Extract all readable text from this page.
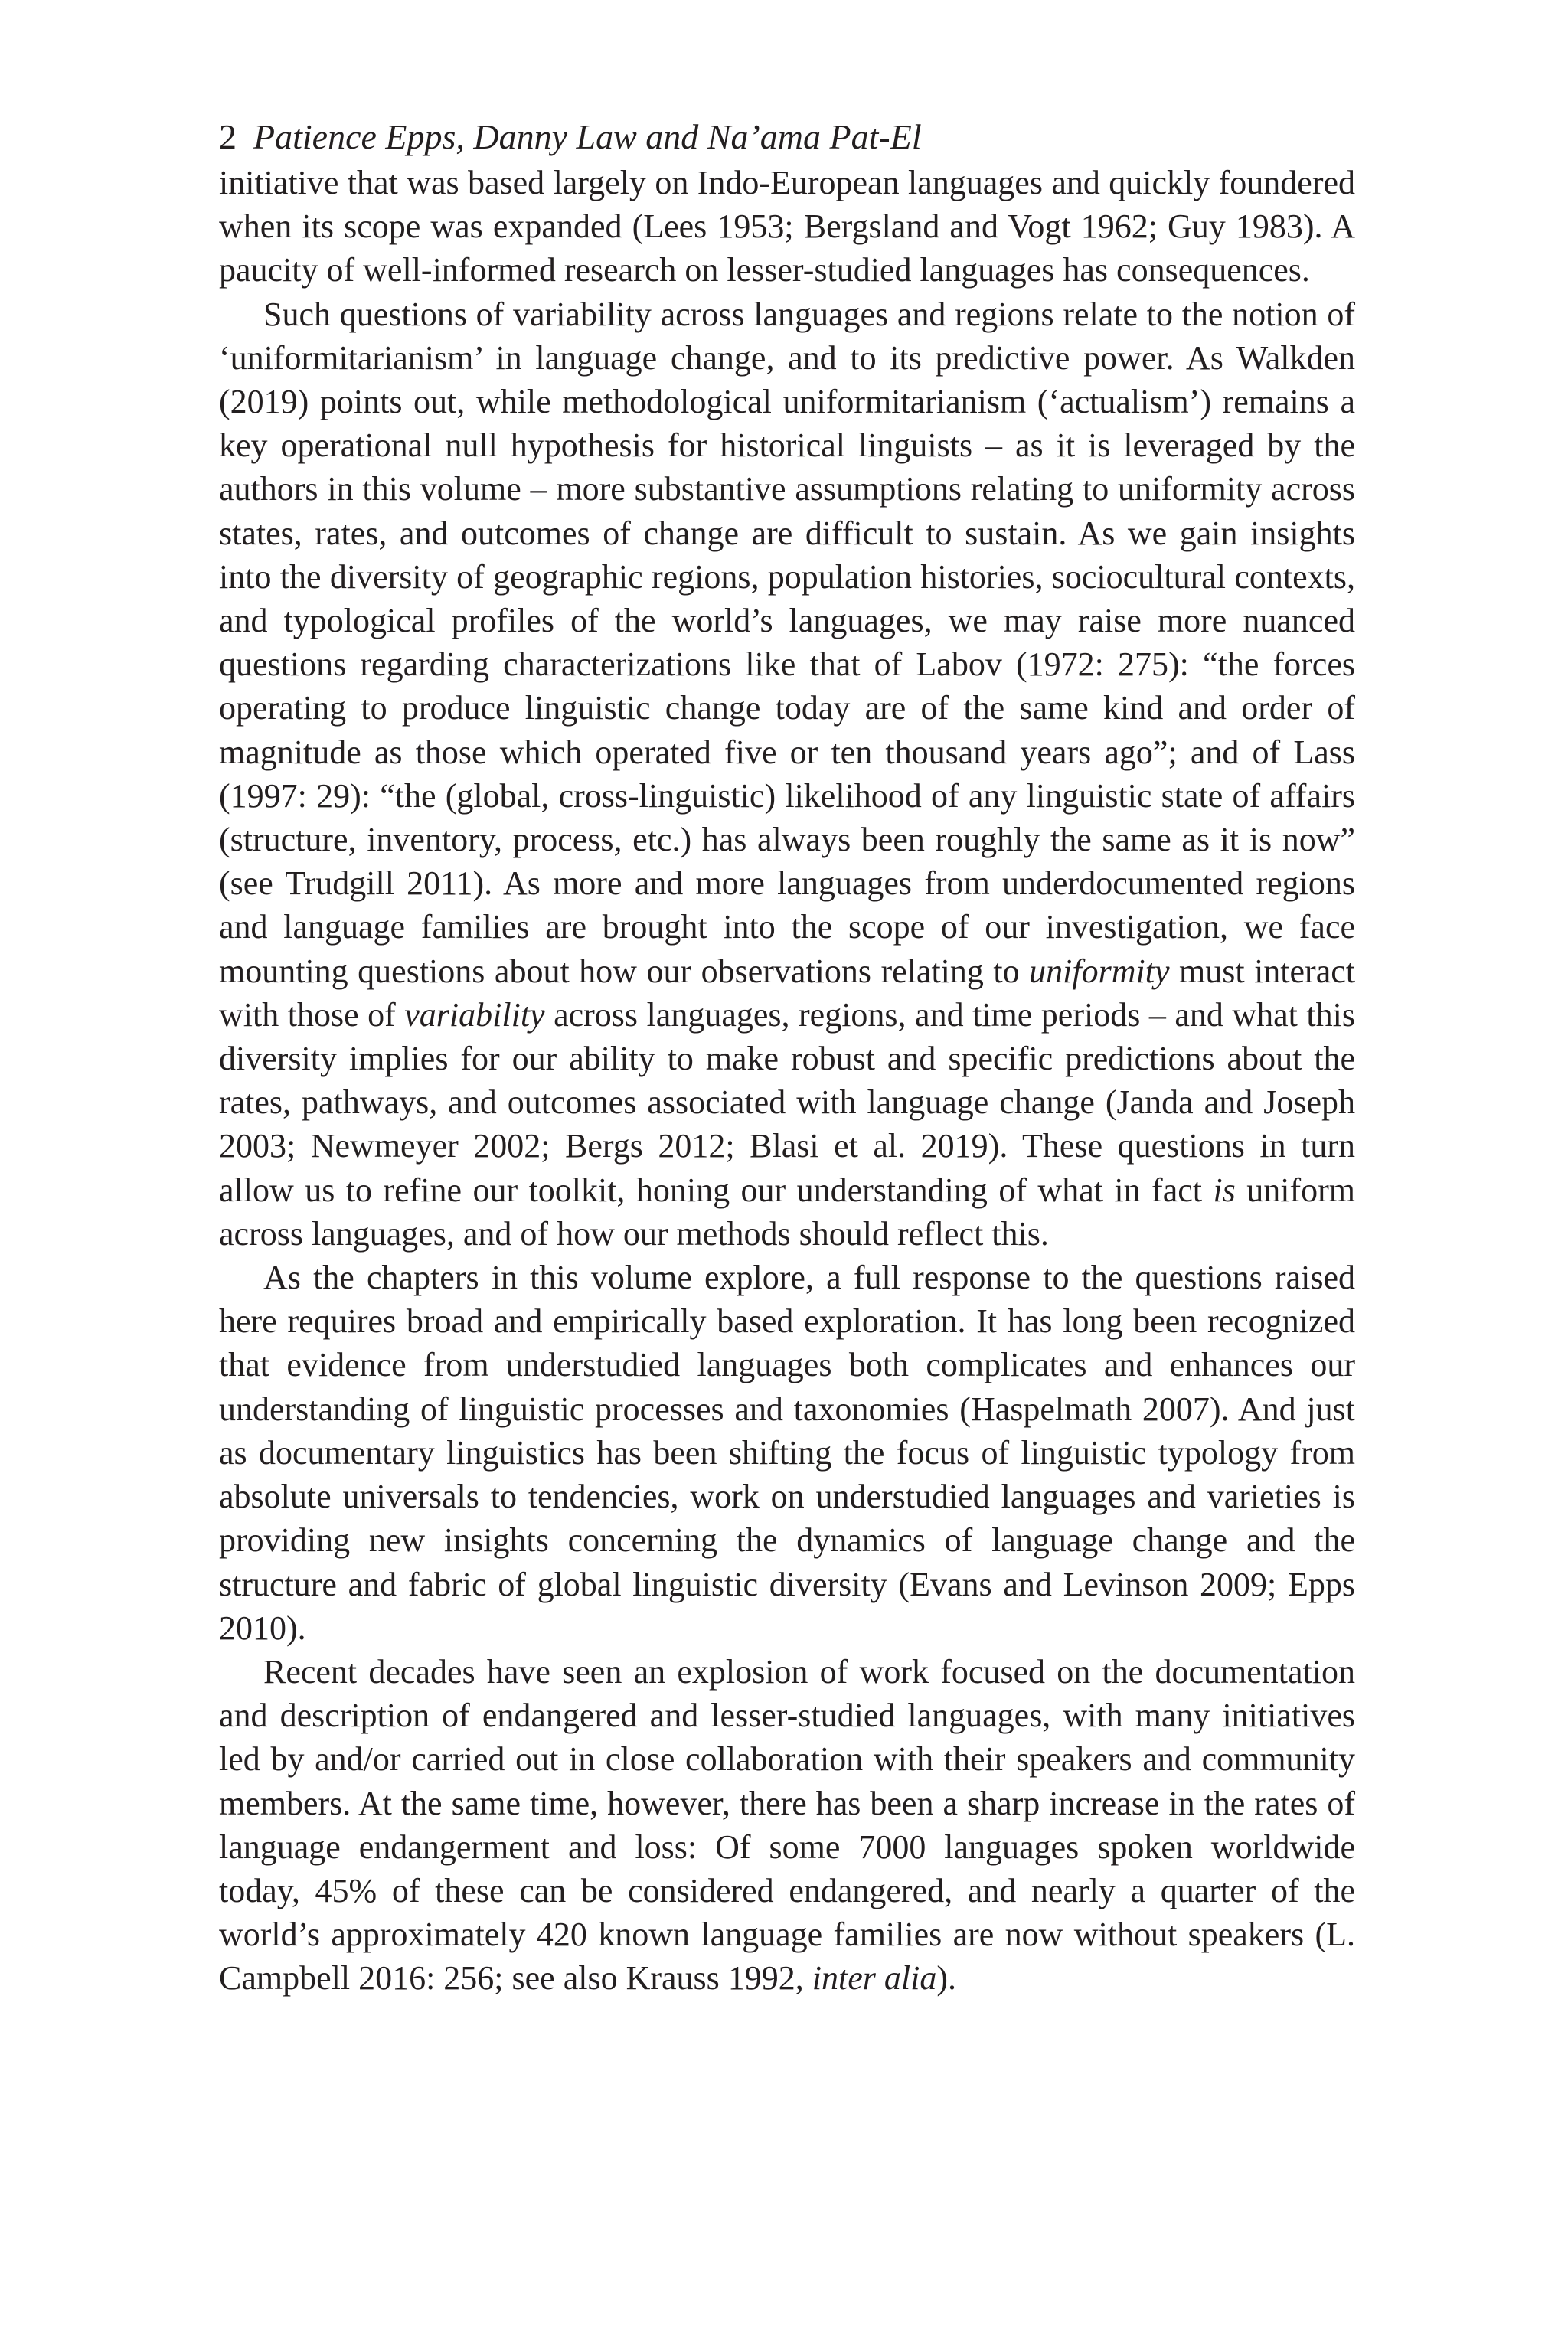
2 Patience Epps, Danny Law and Na’ama Pat-El

initiative that was based largely on Indo-European languages and quickly foundered when its scope was expanded (Lees 1953; Bergsland and Vogt 1962; Guy 1983). A paucity of well-informed research on lesser-studied languages has consequences.

Such questions of variability across languages and regions relate to the notion of ‘uniformitarianism’ in language change, and to its predictive power. As Walkden (2019) points out, while methodological uniformitarianism (‘actualism’) remains a key operational null hypothesis for historical linguists – as it is leveraged by the authors in this volume – more substantive assumptions relating to uniformity across states, rates, and outcomes of change are difficult to sustain. As we gain insights into the diversity of geographic regions, population histories, sociocultural contexts, and typological profiles of the world’s languages, we may raise more nuanced questions regarding characterizations like that of Labov (1972: 275): “the forces operating to produce linguistic change today are of the same kind and order of magnitude as those which operated five or ten thousand years ago”; and of Lass (1997: 29): “the (global, cross-linguistic) likelihood of any linguistic state of affairs (structure, inventory, process, etc.) has always been roughly the same as it is now” (see Trudgill 2011). As more and more languages from underdocumented regions and language families are brought into the scope of our investigation, we face mounting questions about how our observations relating to uniformity must interact with those of variability across languages, regions, and time periods – and what this diversity implies for our ability to make robust and specific predictions about the rates, pathways, and outcomes associated with language change (Janda and Joseph 2003; Newmeyer 2002; Bergs 2012; Blasi et al. 2019). These questions in turn allow us to refine our toolkit, honing our understanding of what in fact is uniform across languages, and of how our methods should reflect this.

As the chapters in this volume explore, a full response to the questions raised here requires broad and empirically based exploration. It has long been recognized that evidence from understudied languages both complicates and enhances our understanding of linguistic processes and taxonomies (Haspelmath 2007). And just as documentary linguistics has been shifting the focus of linguistic typology from absolute universals to tendencies, work on understudied languages and varieties is providing new insights concerning the dynamics of language change and the structure and fabric of global linguistic diversity (Evans and Levinson 2009; Epps 2010).

Recent decades have seen an explosion of work focused on the documentation and description of endangered and lesser-studied languages, with many initiatives led by and/or carried out in close collaboration with their speakers and community members. At the same time, however, there has been a sharp increase in the rates of language endangerment and loss: Of some 7000 languages spoken worldwide today, 45% of these can be considered endangered, and nearly a quarter of the world’s approximately 420 known language families are now without speakers (L. Campbell 2016: 256; see also Krauss 1992, inter alia).
